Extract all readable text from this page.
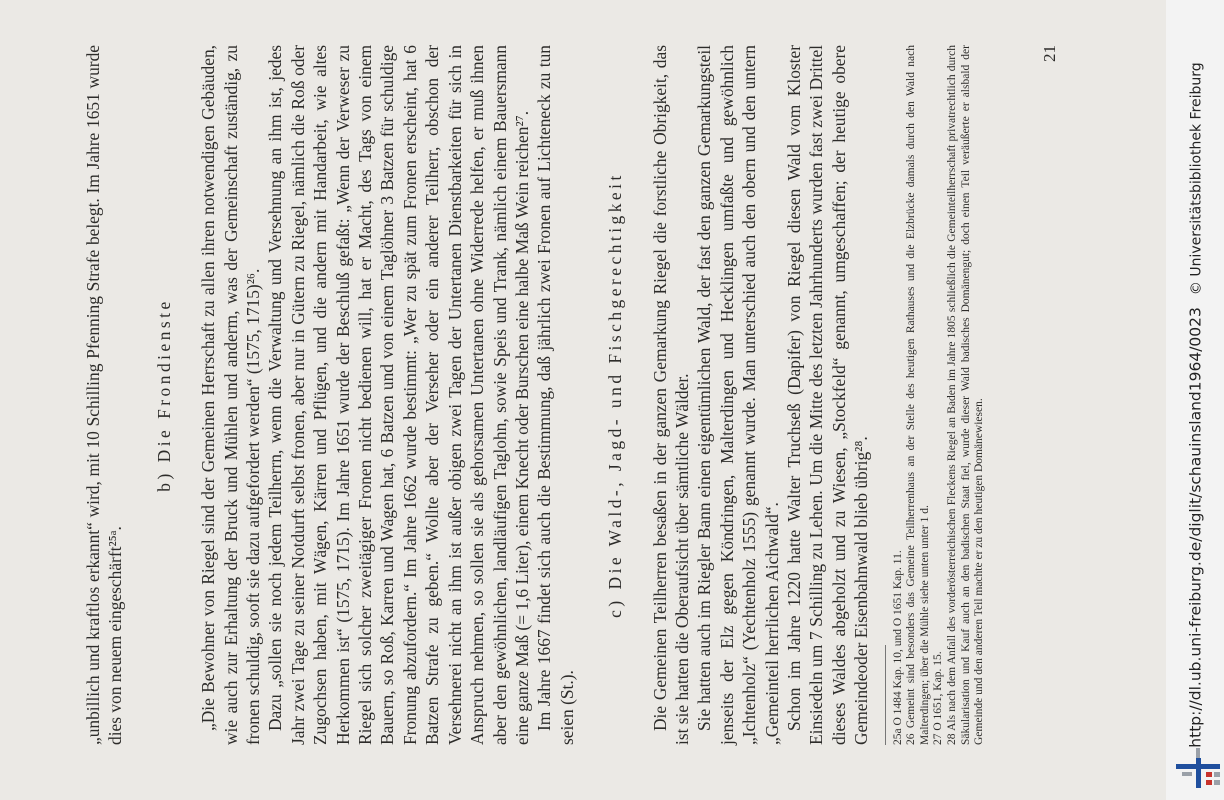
„unbillich und kraftlos erkannt“ wird, mit 10 Schilling Pfenning Strafe belegt. Im Jahre 1651 wurde dies von neuem eingeschärft²⁵ᵃ.

b) Die Frondienste „Die Bewohner von Riegel sind der Gemeinen Herrschaft zu allen ihren notwendigen Gebäuden, wie auch zur Erhaltung der Bruck und Mühlen und anderm, was der Gemeinschaft zuständig, zu fronen schuldig, sooft sie dazu aufgefordert werden“ (1575, 1715)²⁶. Dazu „sollen sie noch jedem Teilherrn, wenn die Verwaltung und Versehnung an ihm ist, jedes Jahr zwei Tage zu seiner Notdurft selbst fronen, aber nur in Gütern zu Riegel, nämlich die Roß oder Zugochsen haben, mit Wägen, Kärren und Pflügen, und die andern mit Handarbeit, wie altes Herkommen ist“ (1575, 1715). Im Jahre 1651 wurde der Beschluß gefaßt: „Wenn der Verweser zu Riegel sich solcher zweitägiger Fronen nicht bedienen will, hat er Macht, des Tags von einem Bauern, so Roß, Karren und Wagen hat, 6 Batzen und von einem Taglöhner 3 Batzen für schuldige Fronung abzufordern.“ Im Jahre 1662 wurde bestimmt: „Wer zu spät zum Fronen erscheint, hat 6 Batzen Strafe zu geben.“ Wollte aber der Verseher oder ein anderer Teilherr, obschon der Versehnerei nicht an ihm ist außer obigen zwei Tagen der Untertanen Dienstbarkeiten für sich in Anspruch nehmen, so sollen sie als gehorsamen Untertanen ohne Widerrede helfen, er muß ihnen aber den gewöhnlichen, landläufigen Taglohn, sowie Speis und Trank, nämlich einem Bauersmann eine ganze Maß (= 1,6 Liter), einem Knecht oder Burschen eine halbe Maß Wein reichen²⁷. Im Jahre 1667 findet sich auch die Bestimmung, daß jährlich zwei Fronen auf Lichteneck zu tun seien (St.).

c) Die Wald-, Jagd- und Fischgerechtigkeit Die Gemeinen Teilherren besaßen in der ganzen Gemarkung Riegel die forstliche Obrigkeit, das ist sie hatten die Oberaufsicht über sämtliche Wälder. Sie hatten auch im Riegler Bann einen eigentümlichen Wald, der fast den ganzen Gemarkungsteil jenseits der Elz gegen Köndringen, Malterdingen und Hecklingen umfaßte und gewöhnlich „Ichtenholz“ (Yechtenholz 1555) genannt wurde. Man unterschied auch den obern und den untern „Gemeinteil herrlichen Aichwald“. Schon im Jahre 1220 hatte Walter Truchseß (Dapifer) von Riegel diesen Wald vom Kloster Einsiedeln um 7 Schilling zu Lehen. Um die Mitte des letzten Jahrhunderts wurden fast zwei Drittel dieses Waldes abgeholzt und zu Wiesen, „Stockfeld“ genannt, umgeschaffen; der heutige obere Gemeindeoder Eisenbahnwald blieb übrig²⁸. 25a O 1484 Kap. 10, und O 1651 Kap. 11. 26 Gemeint sind besonders das Gemeine Teilherrenhaus an der Stelle des heutigen Rathauses und die Elzbrücke damals durch den Wald nach Malterdingen; über die Mühle siehe unten unter 1 d. 27 O 1651, Kap. 15. 28 Als nach dem Anfall des vorderösterreichischen Fleckens Riegel an Baden im Jahre 1805 schließlich die Gemeinteilherrschaft privatrechtlich durch Säkularisation und Kauf auch an den badischen Staat fiel, wurde dieser Wald badisches Domänengut; doch einen Teil veräußerte er alsbald der Gemeinde und den anderen Teil machte er zu den heutigen Domänewiesen.

21
http://dl.ub.uni-freiburg.de/diglit/schauinsland1964/0023© Universitätsbibliothek Freiburg
